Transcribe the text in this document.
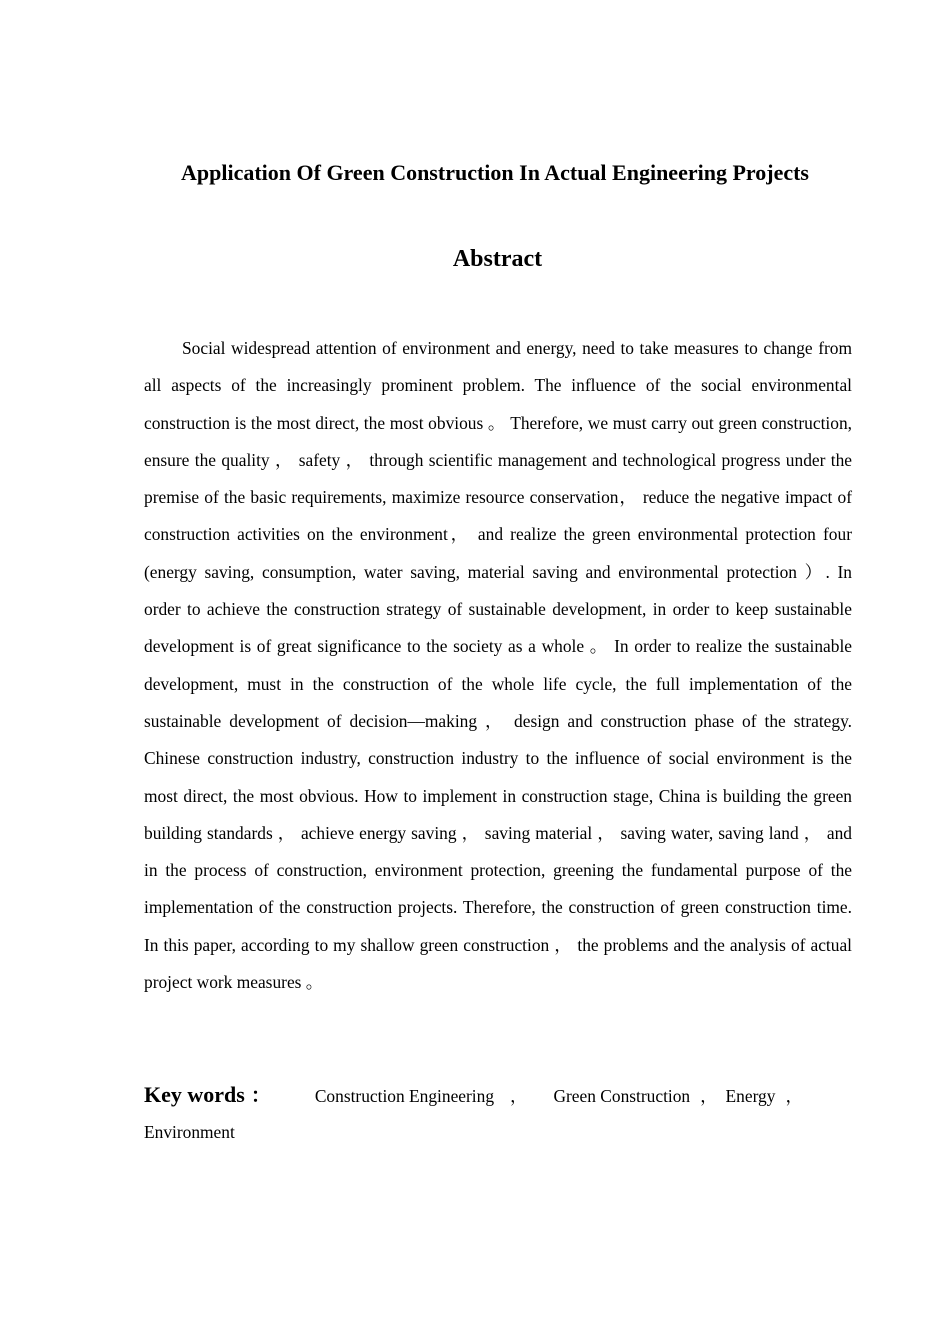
Application Of Green Construction In Actual Engineering Projects
Abstract

Social widespread attention of environment and energy, need to take measures to change from all aspects of the increasingly prominent problem. The influence of the social environmental construction is the most direct, the most obvious 。 Therefore, we must carry out green construction, ensure the quality ， safety ， through scientific management and technological progress under the premise of the basic requirements, maximize resource conservation， reduce the negative impact of construction activities on the environment， and realize the green environmental protection four (energy saving, consumption, water saving, material saving and environmental protection ）. In order to achieve the construction strategy of sustainable development, in order to keep sustainable development is of great significance to the society as a whole 。 In order to realize the sustainable development, must in the construction of the whole life cycle, the full implementation of the sustainable development of decision—making ， design and construction phase of the strategy. Chinese construction industry, construction industry to the influence of social environment is the most direct, the most obvious. How to implement in construction stage, China is building the green building standards ， achieve energy saving ， saving material ， saving water, saving land ， and in the process of construction, environment protection, greening the fundamental purpose of the implementation of the construction projects. Therefore, the construction of green construction time. In this paper, according to my shallow green construction ， the problems and the analysis of actual project work measures 。

Key words ：	Construction Engineering ， Green Construction ， Energy ，
Environment
